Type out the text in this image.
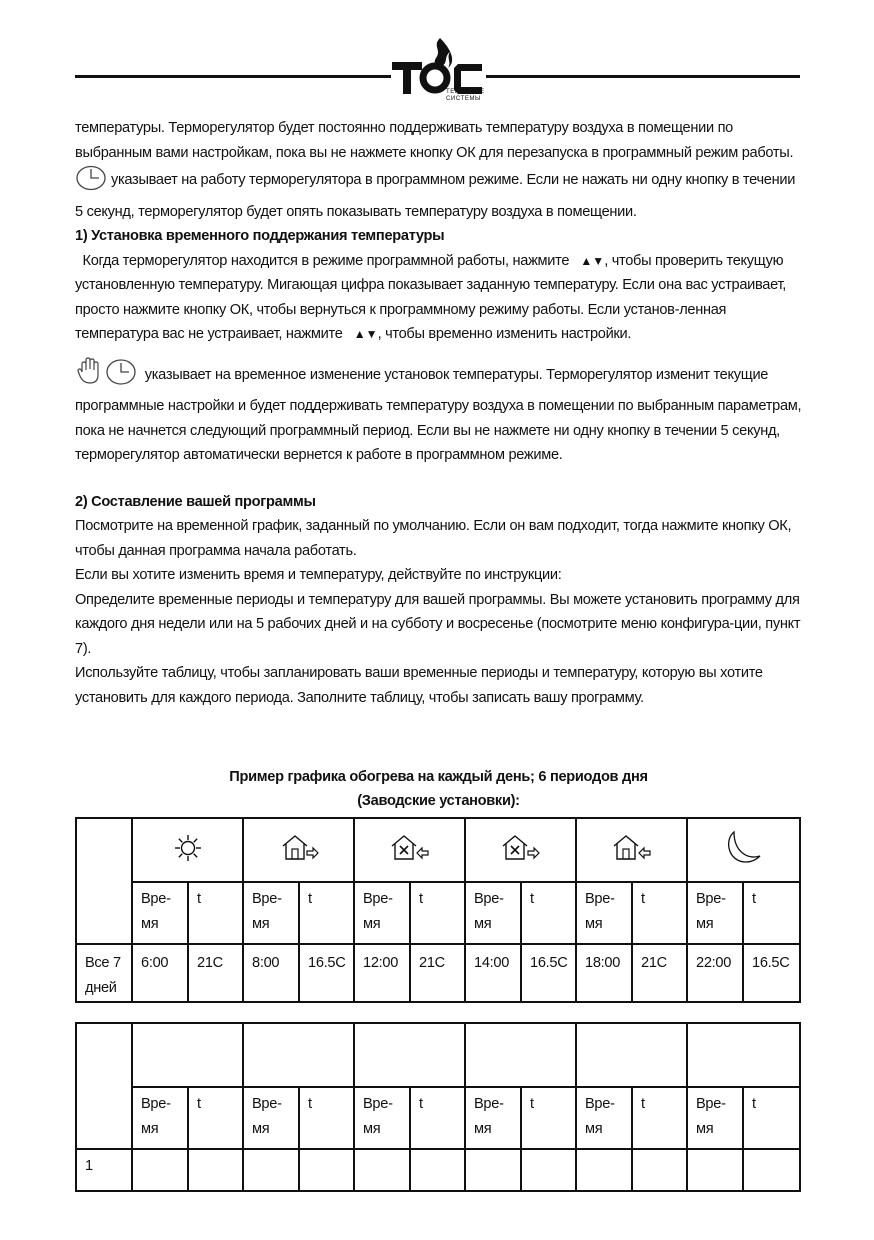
ТЕПЛОВЫЕ
СИСТЕМЫ

температуры. Терморегулятор будет постоянно поддерживать температуру воздуха в помещении по выбранным вами настройкам, пока вы не нажмете кнопку ОК для перезапуска в программный режим работы.

указывает на работу терморегулятора в программном режиме. Если не нажать ни одну кнопку в течении 5 секунд, терморегулятор будет опять показывать температуру воздуха в помещении.

1) Установка временного поддержания температуры

Когда терморегулятор находится в режиме программной работы, нажмите ▲▼, чтобы проверить текущую установленную температуру. Мигающая цифра показывает заданную температуру. Если она вас устраивает, просто нажмите кнопку ОК, чтобы вернуться к программному режиму работы. Если установ-ленная температура вас не устраивает, нажмите ▲▼, чтобы временно изменить настройки.

указывает на временное изменение установок температуры. Терморегулятор изменит текущие программные настройки и будет поддерживать температуру воздуха в помещении по выбранным параметрам, пока не начнется следующий программный период. Если вы не нажмете ни одну кнопку в течении 5 секунд, терморегулятор автоматически вернется к работе в программном режиме.

2) Составление вашей программы

Посмотрите на временной график, заданный по умолчанию. Если он вам подходит, тогда нажмите кнопку ОК, чтобы данная программа начала работать.

Если вы хотите изменить время и температуру, действуйте по инструкции:

Определите временные периоды и температуру для вашей программы. Вы можете установить программу для каждого дня недели или на 5 рабочих дней и на субботу и восресенье (посмотрите меню конфигура-ции, пункт 7).

Используйте таблицу, чтобы запланировать ваши временные периоды и температуру, которую вы хотите установить для каждого периода. Заполните таблицу, чтобы записать вашу программу.

Пример графика обогрева на каждый день; 6 периодов дня
(Заводские установки):

	Вре-
мя	t	Вре-
мя	t	Вре-
мя	t	Вре-
мя	t	Вре-
мя	t	Вре-
мя	t
Все 7
дней	6:00	21C	8:00	16.5C	12:00	21C	14:00	16.5C	18:00	21C	22:00	16.5C

	Вре-
мя	t	Вре-
мя	t	Вре-
мя	t	Вре-
мя	t	Вре-
мя	t	Вре-
мя	t
1												
